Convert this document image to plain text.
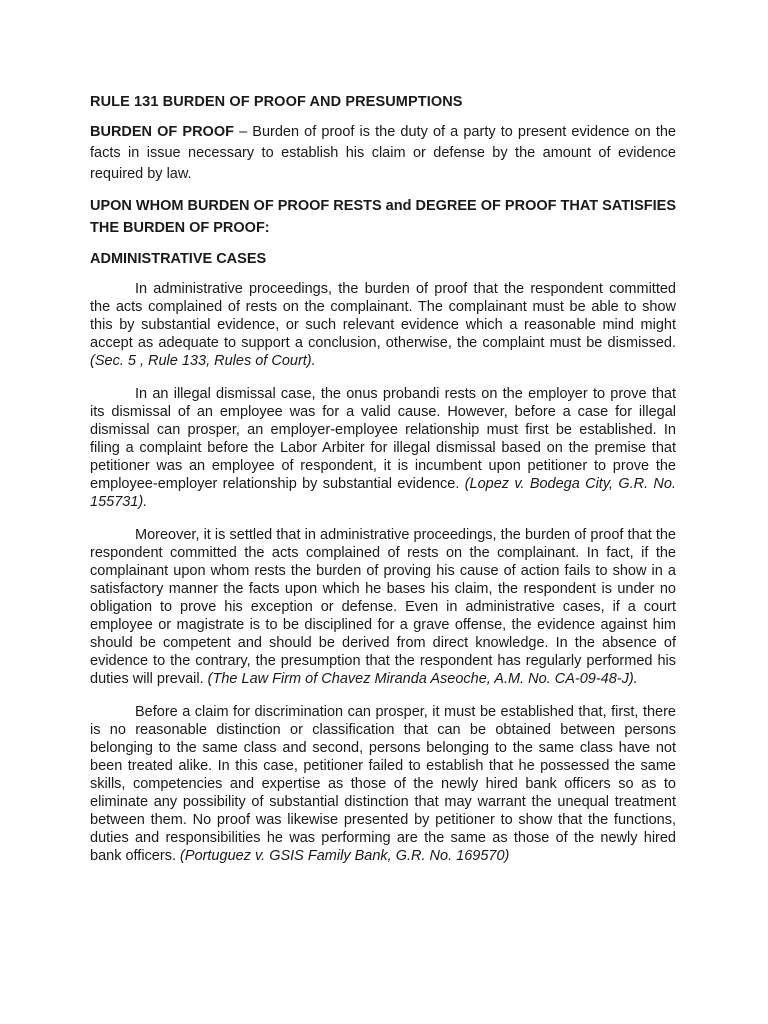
RULE 131 BURDEN OF PROOF AND PRESUMPTIONS

BURDEN OF PROOF – Burden of proof is the duty of a party to present evidence on the facts in issue necessary to establish his claim or defense by the amount of evidence required by law.

UPON WHOM BURDEN OF PROOF RESTS and DEGREE OF PROOF THAT SATISFIES THE BURDEN OF PROOF:

ADMINISTRATIVE CASES

In administrative proceedings, the burden of proof that the respondent committed the acts complained of rests on the complainant. The complainant must be able to show this by substantial evidence, or such relevant evidence which a reasonable mind might accept as adequate to support a conclusion, otherwise, the complaint must be dismissed. (Sec. 5 , Rule 133, Rules of Court).

In an illegal dismissal case, the onus probandi rests on the employer to prove that its dismissal of an employee was for a valid cause. However, before a case for illegal dismissal can prosper, an employer-employee relationship must first be established. In filing a complaint before the Labor Arbiter for illegal dismissal based on the premise that petitioner was an employee of respondent, it is incumbent upon petitioner to prove the employee-employer relationship by substantial evidence. (Lopez v. Bodega City, G.R. No. 155731).

Moreover, it is settled that in administrative proceedings, the burden of proof that the respondent committed the acts complained of rests on the complainant. In fact, if the complainant upon whom rests the burden of proving his cause of action fails to show in a satisfactory manner the facts upon which he bases his claim, the respondent is under no obligation to prove his exception or defense. Even in administrative cases, if a court employee or magistrate is to be disciplined for a grave offense, the evidence against him should be competent and should be derived from direct knowledge. In the absence of evidence to the contrary, the presumption that the respondent has regularly performed his duties will prevail. (The Law Firm of Chavez Miranda Aseoche, A.M. No. CA-09-48-J).

Before a claim for discrimination can prosper, it must be established that, first, there is no reasonable distinction or classification that can be obtained between persons belonging to the same class and second, persons belonging to the same class have not been treated alike. In this case, petitioner failed to establish that he possessed the same skills, competencies and expertise as those of the newly hired bank officers so as to eliminate any possibility of substantial distinction that may warrant the unequal treatment between them. No proof was likewise presented by petitioner to show that the functions, duties and responsibilities he was performing are the same as those of the newly hired bank officers. (Portuguez v. GSIS Family Bank, G.R. No. 169570)
